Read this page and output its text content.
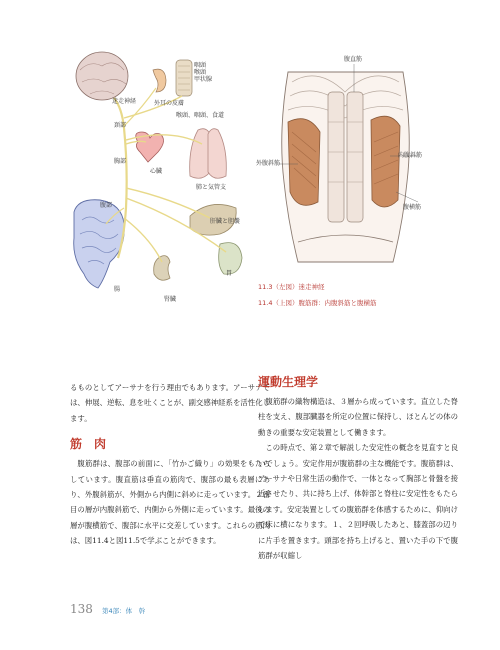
迷走神経	外耳の皮膚
咽頭
喉頭
甲状腺
喉頭、咽頭、食道
頚部
胸部
心臓
肺と気管支
腹部
肝臓と胆嚢
胃
腸
腎臓
腹直筋
外腹斜筋
内腹斜筋
腹横筋
11.3（左図）迷走神経
11.4（上図）腹筋群：内腹斜筋と腹横筋

るものとしてアーサナを行う理由でもあります。アーサナでは、伸展、逆転、息を吐くことが、副交感神経系を活性化します。

筋　肉

腹筋群は、腹部の前面に、「竹かご織り」の効果をもたらしています。腹直筋は垂直の筋肉で、腹部の最も表層にあり、外腹斜筋が、外側から内側に斜めに走っています。２番目の層が内腹斜筋で、内側から外側に走っています。最後の層が腹横筋で、腹部に水平に交差しています。これらの筋肉は、図11.4と図11.5で学ぶことができます。

運動生理学

腹筋群の織物構造は、３層から成っています。直立した脊柱を支え、腹部臓器を所定の位置に保持し、ほとんどの体の動きの重要な安定装置として働きます。

この時点で、第２章で解説した安定性の概念を見直すと良いでしょう。安定作用が腹筋群の主な機能です。腹筋群は、アーサナや日常生活の動作で、一体となって胸部と骨盤を接近させたり、共に持ち上げ、体幹部と脊柱に安定性をもたらします。安定装置としての腹筋群を体感するために、仰向けで床に横になります。１、２回呼吸したあと、膝蓋部の辺りに片手を置きます。頭部を持ち上げると、置いた手の下で腹筋群が収縮し

138 第4部：体　幹
